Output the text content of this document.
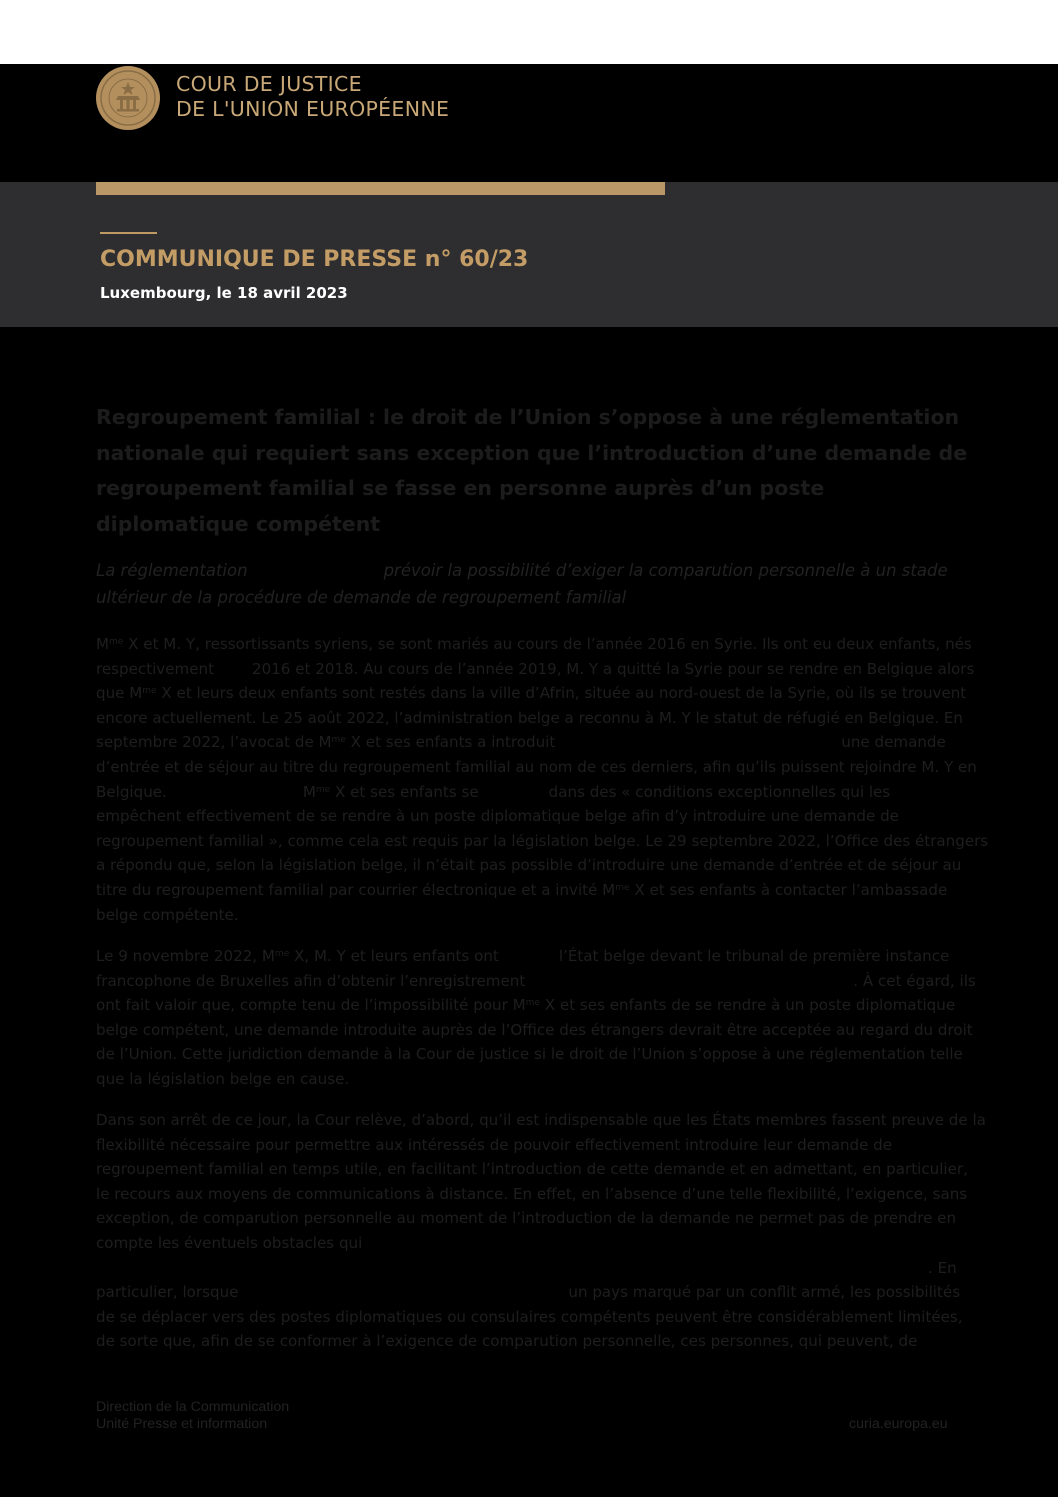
COUR DE JUSTICE
DE L'UNION EUROPÉENNE
COMMUNIQUE DE PRESSE n° 60/23
Luxembourg, le 18 avril 2023
Regroupement familial : le droit de l’Union s’oppose à une réglementation
nationale qui requiert sans exception que l’introduction d’une demande de
regroupement familial se fasse en personne auprès d’un poste
diplomatique compétent
La réglementation	prévoir la possibilité d’exiger la comparution personnelle à un stade
ultérieur de la procédure de demande de regroupement familial
$M^{me}$ X et M. Y, ressortissants syriens, se sont mariés au cours de l’année 2016 en Syrie. Ils ont eu deux enfants, nés
respectivement	2016 et 2018. Au cours de l’année 2019, M. Y a quitté la Syrie pour se rendre en Belgique alors
que $M^{me}$ X et leurs deux enfants sont restés dans la ville d’Afrin, située au nord-ouest de la Syrie, où ils se trouvent
encore actuellement. Le 25 août 2022, l’administration belge a reconnu à M. Y le statut de réfugié en Belgique. En
septembre 2022, l’avocat de $M^{me}$ X et ses enfants a introduit	une demande
d’entrée et de séjour au titre du regroupement familial au nom de ces derniers, afin qu’ils puissent rejoindre M. Y en
Belgique.	$M^{me}$ X et ses enfants se	dans des « conditions exceptionnelles qui les
empêchent effectivement de se rendre à un poste diplomatique belge afin d’y introduire une demande de
regroupement familial », comme cela est requis par la législation belge. Le 29 septembre 2022, l’Office des étrangers
a répondu que, selon la législation belge, il n’était pas possible d’introduire une demande d’entrée et de séjour au
titre du regroupement familial par courrier électronique et a invité $M^{me}$ X et ses enfants à contacter l’ambassade
belge compétente.
Le 9 novembre 2022, $M^{me}$ X, M. Y et leurs enfants ont	l’État belge devant le tribunal de première instance
francophone de Bruxelles afin d’obtenir l’enregistrement	. À cet égard, ils
ont fait valoir que, compte tenu de l’impossibilité pour $M^{me}$ X et ses enfants de se rendre à un poste diplomatique
belge compétent, une demande introduite auprès de l’Office des étrangers devrait être acceptée au regard du droit
de l’Union. Cette juridiction demande à la Cour de justice si le droit de l’Union s’oppose à une réglementation telle
que la législation belge en cause.
Dans son arrêt de ce jour, la Cour relève, d’abord, qu’il est indispensable que les États membres fassent preuve de la
flexibilité nécessaire pour permettre aux intéressés de pouvoir effectivement introduire leur demande de
regroupement familial en temps utile, en facilitant l’introduction de cette demande et en admettant, en particulier,
le recours aux moyens de communications à distance. En effet, en l’absence d’une telle flexibilité, l’exigence, sans
exception, de comparution personnelle au moment de l’introduction de la demande ne permet pas de prendre en
compte les éventuels obstacles qui
. En
particulier, lorsque	un pays marqué par un conflit armé, les possibilités
de se déplacer vers des postes diplomatiques ou consulaires compétents peuvent être considérablement limitées,
de sorte que, afin de se conformer à l’exigence de comparution personnelle, ces personnes, qui peuvent, de
Direction de la Communication
Unité Presse et information	curia.europa.eu
